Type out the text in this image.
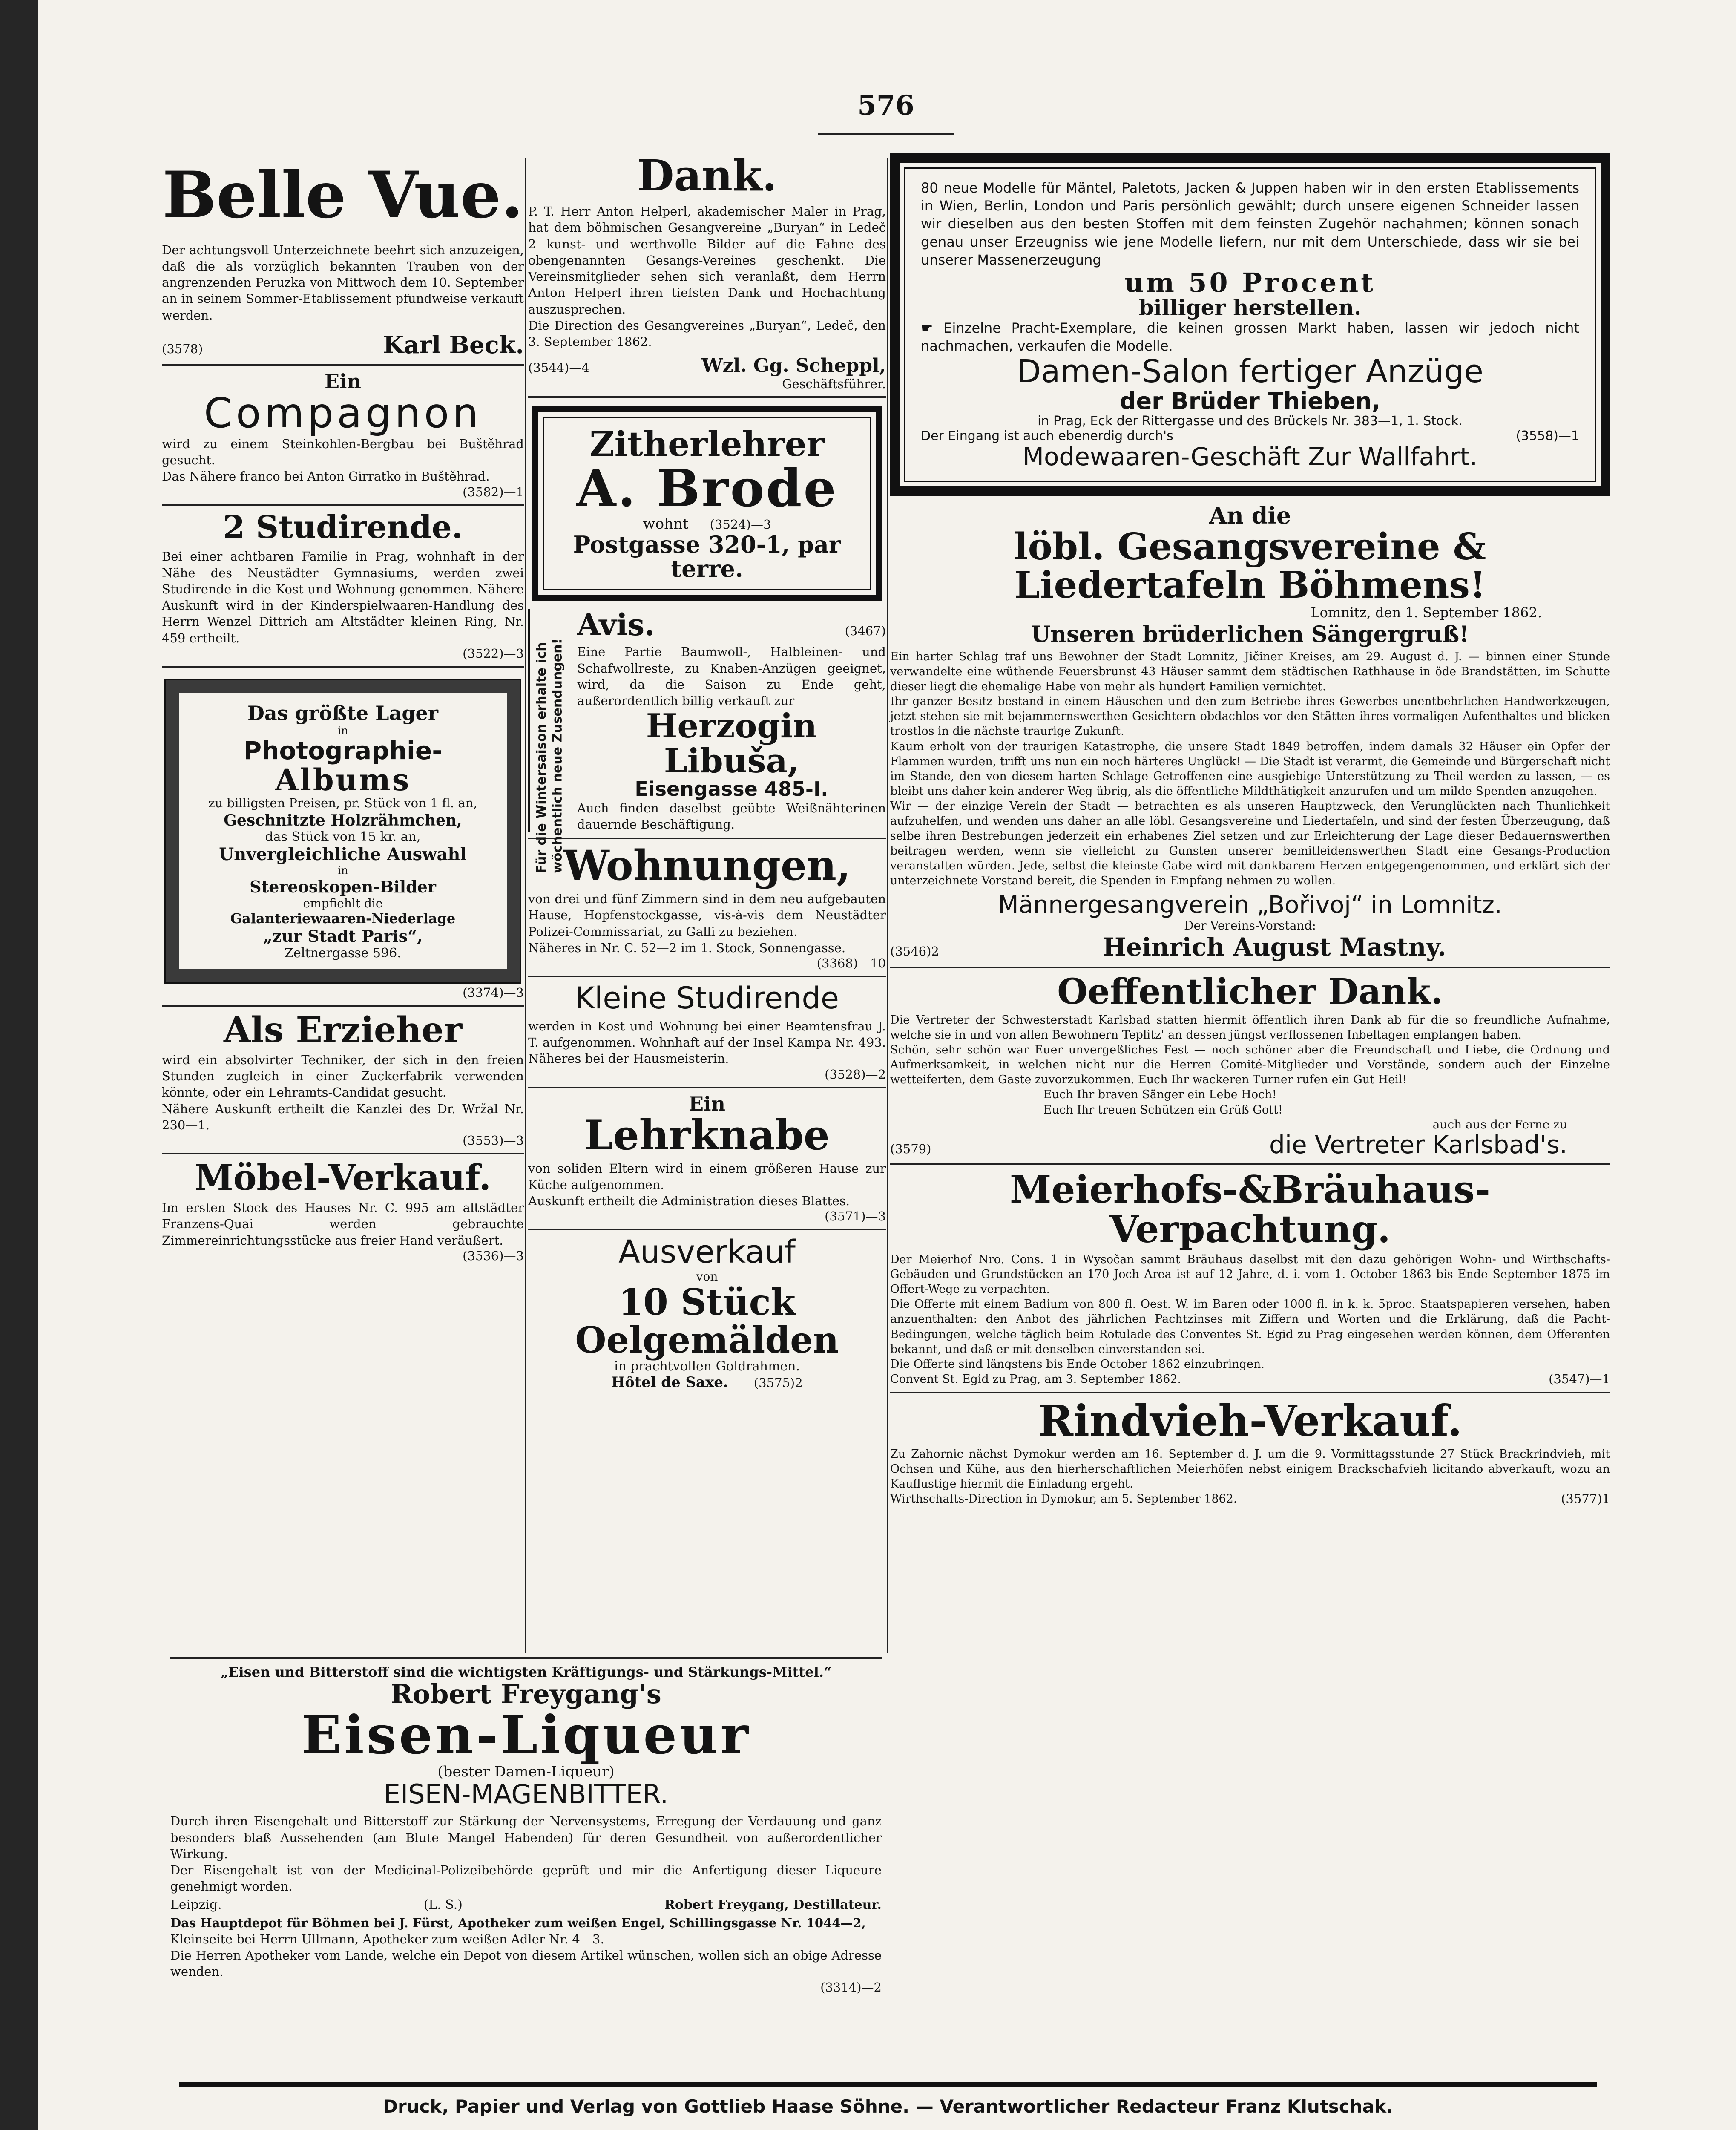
576
Belle Vue.
Der achtungsvoll Unterzeichnete beehrt sich anzuzeigen, daß die als vorzüglich bekannten Trauben von der angrenzenden Peruzka von Mittwoch dem 10. September an in seinem Sommer-Etablissement pfundweise verkauft werden.
(3578)	Karl Beck.
Ein
Compagnon
wird zu einem Steinkohlen-Bergbau bei Buštěhrad gesucht.
Das Nähere franco bei Anton Girratko in Buštěhrad.
(3582)—1
2 Studirende.
Bei einer achtbaren Familie in Prag, wohnhaft in der Nähe des Neustädter Gymnasiums, werden zwei Studirende in die Kost und Wohnung genommen. Nähere Auskunft wird in der Kinderspielwaaren-Handlung des Herrn Wenzel Dittrich am Altstädter kleinen Ring, Nr. 459 ertheilt.
(3522)—3
Das größte Lager
in
Photographie-
Albums
zu billigsten Preisen, pr. Stück von 1 fl. an,
Geschnitzte Holzrähmchen,
das Stück von 15 kr. an,
Unvergleichliche Auswahl
in
Stereoskopen-Bilder
empfiehlt die
Galanteriewaaren-Niederlage
„zur Stadt Paris“,
Zeltnergasse 596.
(3374)—3
Als Erzieher
wird ein absolvirter Techniker, der sich in den freien Stunden zugleich in einer Zuckerfabrik verwenden könnte, oder ein Lehramts-Candidat gesucht.
Nähere Auskunft ertheilt die Kanzlei des Dr. Wržal Nr. 230—1.
(3553)—3
Möbel-Verkauf.
Im ersten Stock des Hauses Nr. C. 995 am altstädter Franzens-Quai werden gebrauchte Zimmereinrichtungsstücke aus freier Hand veräußert.
(3536)—3
Dank.
P. T. Herr Anton Helperl, akademischer Maler in Prag, hat dem böhmischen Gesangvereine „Buryan“ in Ledeč 2 kunst- und werthvolle Bilder auf die Fahne des obengenannten Gesangs-Vereines geschenkt. Die Vereinsmitglieder sehen sich veranlaßt, dem Herrn Anton Helperl ihren tiefsten Dank und Hochachtung auszusprechen.
Die Direction des Gesangvereines „Buryan“, Ledeč, den 3. September 1862.
(3544)—4	Wzl. Gg. Scheppl,
Geschäftsführer.
Zitherlehrer
A. Brode
wohnt (3524)—3
Postgasse 320-1, par terre.
Für die Wintersaison erhalte ich wöchentlich neue Zusendungen!
Avis.	(3467)
Eine Partie Baumwoll-, Halbleinen- und Schafwollreste, zu Knaben-Anzügen geeignet, wird, da die Saison zu Ende geht, außerordentlich billig verkauft zur
Herzogin Libuša,
Eisengasse 485-I.
Auch finden daselbst geübte Weißnähterinen dauernde Beschäftigung.
Wohnungen,
von drei und fünf Zimmern sind in dem neu aufgebauten Hause, Hopfenstockgasse, vis-à-vis dem Neustädter Polizei-Commissariat, zu Galli zu beziehen.
Näheres in Nr. C. 52—2 im 1. Stock, Sonnengasse.
(3368)—10
Kleine Studirende
werden in Kost und Wohnung bei einer Beamtensfrau J. T. aufgenommen. Wohnhaft auf der Insel Kampa Nr. 493. Näheres bei der Hausmeisterin.
(3528)—2
Ein
Lehrknabe
von soliden Eltern wird in einem größeren Hause zur Küche aufgenommen.
Auskunft ertheilt die Administration dieses Blattes.
(3571)—3
Ausverkauf
von
10 Stück Oelgemälden
in prachtvollen Goldrahmen.
Hôtel de Saxe. (3575)2
„Eisen und Bitterstoff sind die wichtigsten Kräftigungs- und Stärkungs-Mittel.“
Robert Freygang's
Eisen-Liqueur
(bester Damen-Liqueur)
EISEN-MAGENBITTER.
Durch ihren Eisengehalt und Bitterstoff zur Stärkung der Nervensystems, Erregung der Verdauung und ganz besonders blaß Aussehenden (am Blute Mangel Habenden) für deren Gesundheit von außerordentlicher Wirkung.
Der Eisengehalt ist von der Medicinal-Polizeibehörde geprüft und mir die Anfertigung dieser Liqueure genehmigt worden.
Leipzig.	(L. S.)	Robert Freygang, Destillateur.
Das Hauptdepot für Böhmen bei J. Fürst, Apotheker zum weißen Engel, Schillingsgasse Nr. 1044—2,
Kleinseite bei Herrn Ullmann, Apotheker zum weißen Adler Nr. 4—3.
Die Herren Apotheker vom Lande, welche ein Depot von diesem Artikel wünschen, wollen sich an obige Adresse wenden.
(3314)—2
80 neue Modelle für Mäntel, Paletots, Jacken & Juppen haben wir in den ersten Etablissements in Wien, Berlin, London und Paris persönlich gewählt; durch unsere eigenen Schneider lassen wir dieselben aus den besten Stoffen mit dem feinsten Zugehör nachahmen; können sonach genau unser Erzeugniss wie jene Modelle liefern, nur mit dem Unterschiede, dass wir sie bei unserer Massenerzeugung
um 50 Procent
billiger herstellen.
☛ Einzelne Pracht-Exemplare, die keinen grossen Markt haben, lassen wir jedoch nicht nachmachen, verkaufen die Modelle.
Damen-Salon fertiger Anzüge
der Brüder Thieben,
in Prag, Eck der Rittergasse und des Brückels Nr. 383—1, 1. Stock.
Der Eingang ist auch ebenerdig durch's	(3558)—1
Modewaaren-Geschäft Zur Wallfahrt.
An die
löbl. Gesangsvereine & Liedertafeln Böhmens!
Lomnitz, den 1. September 1862.
Unseren brüderlichen Sängergruß!
Ein harter Schlag traf uns Bewohner der Stadt Lomnitz, Jičiner Kreises, am 29. August d. J. — binnen einer Stunde verwandelte eine wüthende Feuersbrunst 43 Häuser sammt dem städtischen Rathhause in öde Brandstätten, im Schutte dieser liegt die ehemalige Habe von mehr als hundert Familien vernichtet.
Ihr ganzer Besitz bestand in einem Häuschen und den zum Betriebe ihres Gewerbes unentbehrlichen Handwerkzeugen, jetzt stehen sie mit bejammernswerthen Gesichtern obdachlos vor den Stätten ihres vormaligen Aufenthaltes und blicken trostlos in die nächste traurige Zukunft.
Kaum erholt von der traurigen Katastrophe, die unsere Stadt 1849 betroffen, indem damals 32 Häuser ein Opfer der Flammen wurden, trifft uns nun ein noch härteres Unglück! — Die Stadt ist verarmt, die Gemeinde und Bürgerschaft nicht im Stande, den von diesem harten Schlage Getroffenen eine ausgiebige Unterstützung zu Theil werden zu lassen, — es bleibt uns daher kein anderer Weg übrig, als die öffentliche Mildthätigkeit anzurufen und um milde Spenden anzugehen.
Wir — der einzige Verein der Stadt — betrachten es als unseren Hauptzweck, den Verunglückten nach Thunlichkeit aufzuhelfen, und wenden uns daher an alle löbl. Gesangsvereine und Liedertafeln, und sind der festen Überzeugung, daß selbe ihren Bestrebungen jederzeit ein erhabenes Ziel setzen und zur Erleichterung der Lage dieser Bedauernswerthen beitragen werden, wenn sie vielleicht zu Gunsten unserer bemitleidenswerthen Stadt eine Gesangs-Production veranstalten würden. Jede, selbst die kleinste Gabe wird mit dankbarem Herzen entgegengenommen, und erklärt sich der unterzeichnete Vorstand bereit, die Spenden in Empfang nehmen zu wollen.
Männergesangverein „Bořivoj“ in Lomnitz.
Der Vereins-Vorstand:
(3546)2	Heinrich August Mastny.
Oeffentlicher Dank.
Die Vertreter der Schwesterstadt Karlsbad statten hiermit öffentlich ihren Dank ab für die so freundliche Aufnahme, welche sie in und von allen Bewohnern Teplitz' an dessen jüngst verflossenen Inbeltagen empfangen haben.
Schön, sehr schön war Euer unvergeßliches Fest — noch schöner aber die Freundschaft und Liebe, die Ordnung und Aufmerksamkeit, in welchen nicht nur die Herren Comité-Mitglieder und Vorstände, sondern auch der Einzelne wetteiferten, dem Gaste zuvorzukommen. Euch Ihr wackeren Turner rufen ein Gut Heil!
Euch Ihr braven Sänger ein Lebe Hoch!
Euch Ihr treuen Schützen ein Grüß Gott!
auch aus der Ferne zu
(3579)	die Vertreter Karlsbad's.
Meierhofs-&Bräuhaus-Verpachtung.
Der Meierhof Nro. Cons. 1 in Wysočan sammt Bräuhaus daselbst mit den dazu gehörigen Wohn- und Wirthschafts-Gebäuden und Grundstücken an 170 Joch Area ist auf 12 Jahre, d. i. vom 1. October 1863 bis Ende September 1875 im Offert-Wege zu verpachten.
Die Offerte mit einem Badium von 800 fl. Oest. W. im Baren oder 1000 fl. in k. k. 5proc. Staatspapieren versehen, haben anzuenthalten: den Anbot des jährlichen Pachtzinses mit Ziffern und Worten und die Erklärung, daß die Pacht-Bedingungen, welche täglich beim Rotulade des Conventes St. Egid zu Prag eingesehen werden können, dem Offerenten bekannt, und daß er mit denselben einverstanden sei.
Die Offerte sind längstens bis Ende October 1862 einzubringen.
Convent St. Egid zu Prag, am 3. September 1862.	(3547)—1
Rindvieh-Verkauf.
Zu Zahornic nächst Dymokur werden am 16. September d. J. um die 9. Vormittagsstunde 27 Stück Brackrindvieh, mit Ochsen und Kühe, aus den hierherschaftlichen Meierhöfen nebst einigem Brackschafvieh licitando abverkauft, wozu an Kauflustige hiermit die Einladung ergeht.
Wirthschafts-Direction in Dymokur, am 5. September 1862.	(3577)1
Druck, Papier und Verlag von Gottlieb Haase Söhne. — Verantwortlicher Redacteur Franz Klutschak.
